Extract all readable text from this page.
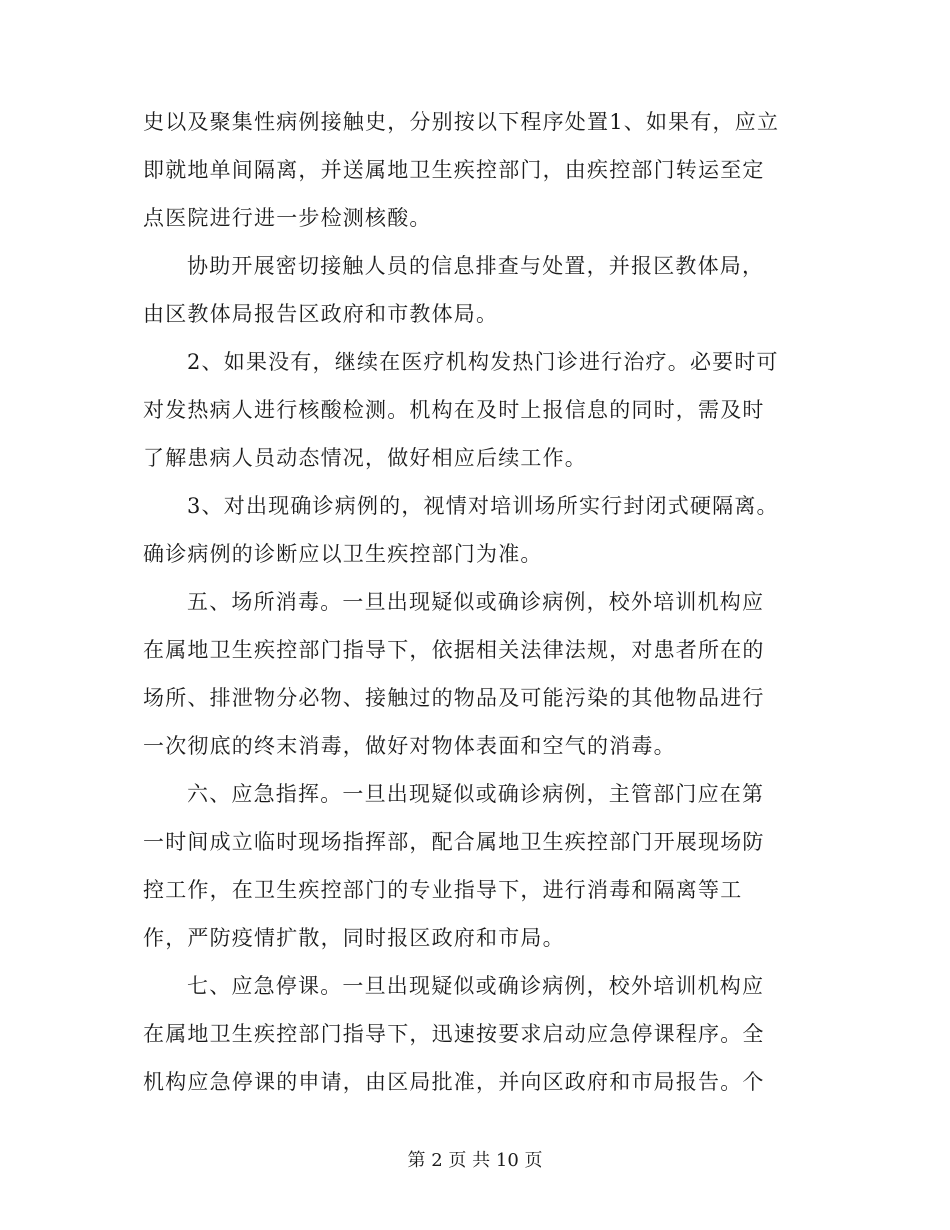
史以及聚集性病例接触史，分别按以下程序处置1、如果有，应立
即就地单间隔离，并送属地卫生疾控部门，由疾控部门转运至定
点医院进行进一步检测核酸。
协助开展密切接触人员的信息排查与处置，并报区教体局，
由区教体局报告区政府和市教体局。
2、如果没有，继续在医疗机构发热门诊进行治疗。必要时可
对发热病人进行核酸检测。机构在及时上报信息的同时，需及时
了解患病人员动态情况，做好相应后续工作。
3、对出现确诊病例的，视情对培训场所实行封闭式硬隔离。
确诊病例的诊断应以卫生疾控部门为准。
五、场所消毒。一旦出现疑似或确诊病例，校外培训机构应
在属地卫生疾控部门指导下，依据相关法律法规，对患者所在的
场所、排泄物分必物、接触过的物品及可能污染的其他物品进行
一次彻底的终末消毒，做好对物体表面和空气的消毒。
六、应急指挥。一旦出现疑似或确诊病例，主管部门应在第
一时间成立临时现场指挥部，配合属地卫生疾控部门开展现场防
控工作，在卫生疾控部门的专业指导下，进行消毒和隔离等工
作，严防疫情扩散，同时报区政府和市局。
七、应急停课。一旦出现疑似或确诊病例，校外培训机构应
在属地卫生疾控部门指导下，迅速按要求启动应急停课程序。全
机构应急停课的申请，由区局批准，并向区政府和市局报告。个
第 2 页 共 10 页
